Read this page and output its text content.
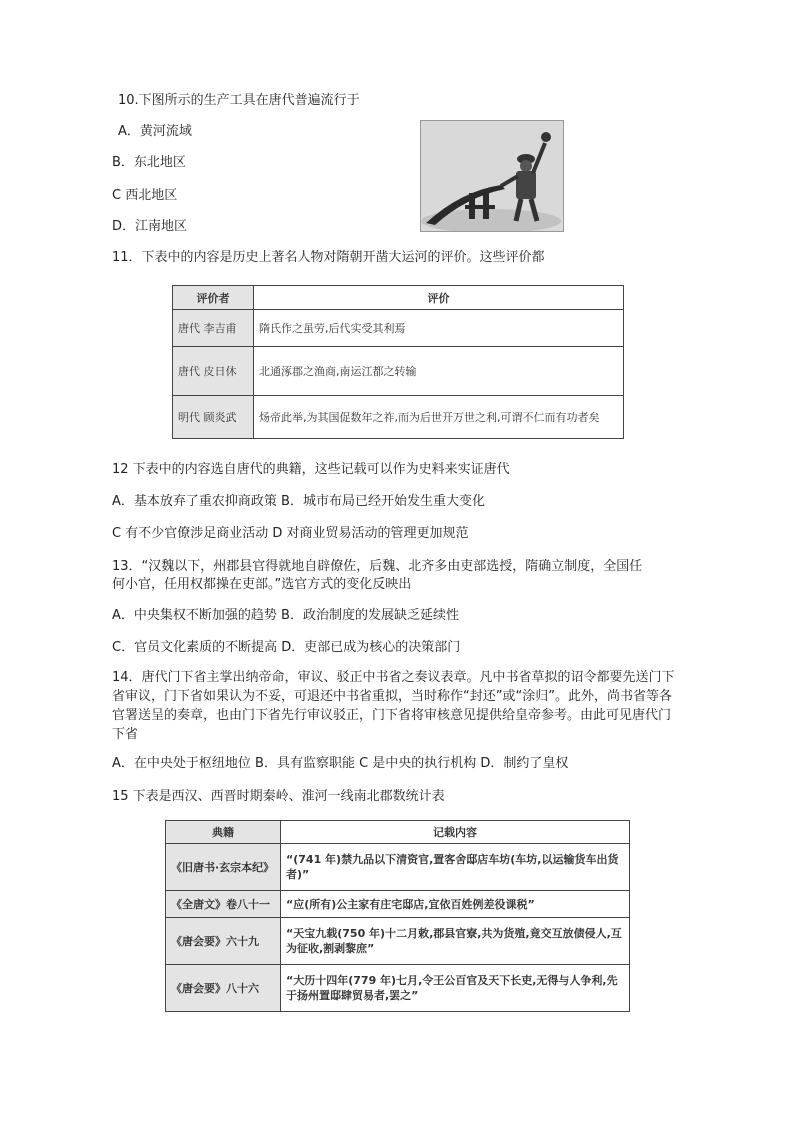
10.下图所示的生产工具在唐代普遍流行于
A．黄河流域
B．东北地区
C 西北地区
D．江南地区
11．下表中的内容是历史上著名人物对隋朝开凿大运河的评价。这些评价都
评价者	评价
唐代 李吉甫	隋氏作之虽劳,后代实受其利焉
唐代 皮日休	北通涿郡之渔商,南运江都之转输
明代 顾炎武	炀帝此举,为其国促数年之祚,而为后世开万世之利,可谓不仁而有功者矣
12 下表中的内容选自唐代的典籍，这些记载可以作为史料来实证唐代
A．基本放弃了重农抑商政策 B．城市布局已经开始发生重大变化
C 有不少官僚涉足商业活动 D 对商业贸易活动的管理更加规范
13．“汉魏以下，州郡县官得就地自辟僚佐，后魏、北齐多由吏部选授，隋确立制度，全国任
何小官，任用权都操在吏部。”选官方式的变化反映出
A．中央集权不断加强的趋势 B．政治制度的发展缺乏延续性
C．官员文化素质的不断提高 D．吏部已成为核心的决策部门
14．唐代门下省主掌出纳帝命，审议、驳正中书省之奏议表章。凡中书省草拟的诏令都要先送门下省审议，门下省如果认为不妥，可退还中书省重拟，当时称作“封还”或“涂归”。此外，尚书省等各官署送呈的奏章，也由门下省先行审议驳正，门下省将审核意见提供给皇帝参考。由此可见唐代门下省
A．在中央处于枢纽地位 B．具有监察职能 C 是中央的执行机构 D．制约了皇权
15 下表是西汉、西晋时期秦岭、淮河一线南北郡数统计表
典籍	记载内容
《旧唐书·玄宗本纪》	“(741 年)禁九品以下清资官,置客舍邸店车坊(车坊,以运输货车出货者)”
《全唐文》卷八十一	“应(所有)公主家有庄宅邸店,宜依百姓例差役课税”
《唐会要》六十九	“天宝九载(750 年)十二月敕,郡县官寮,共为货殖,竟交互放债侵人,互为征收,割剥黎庶”
《唐会要》八十六	“大历十四年(779 年)七月,令王公百官及天下长吏,无得与人争利,先于扬州置邸肆贸易者,罢之”
